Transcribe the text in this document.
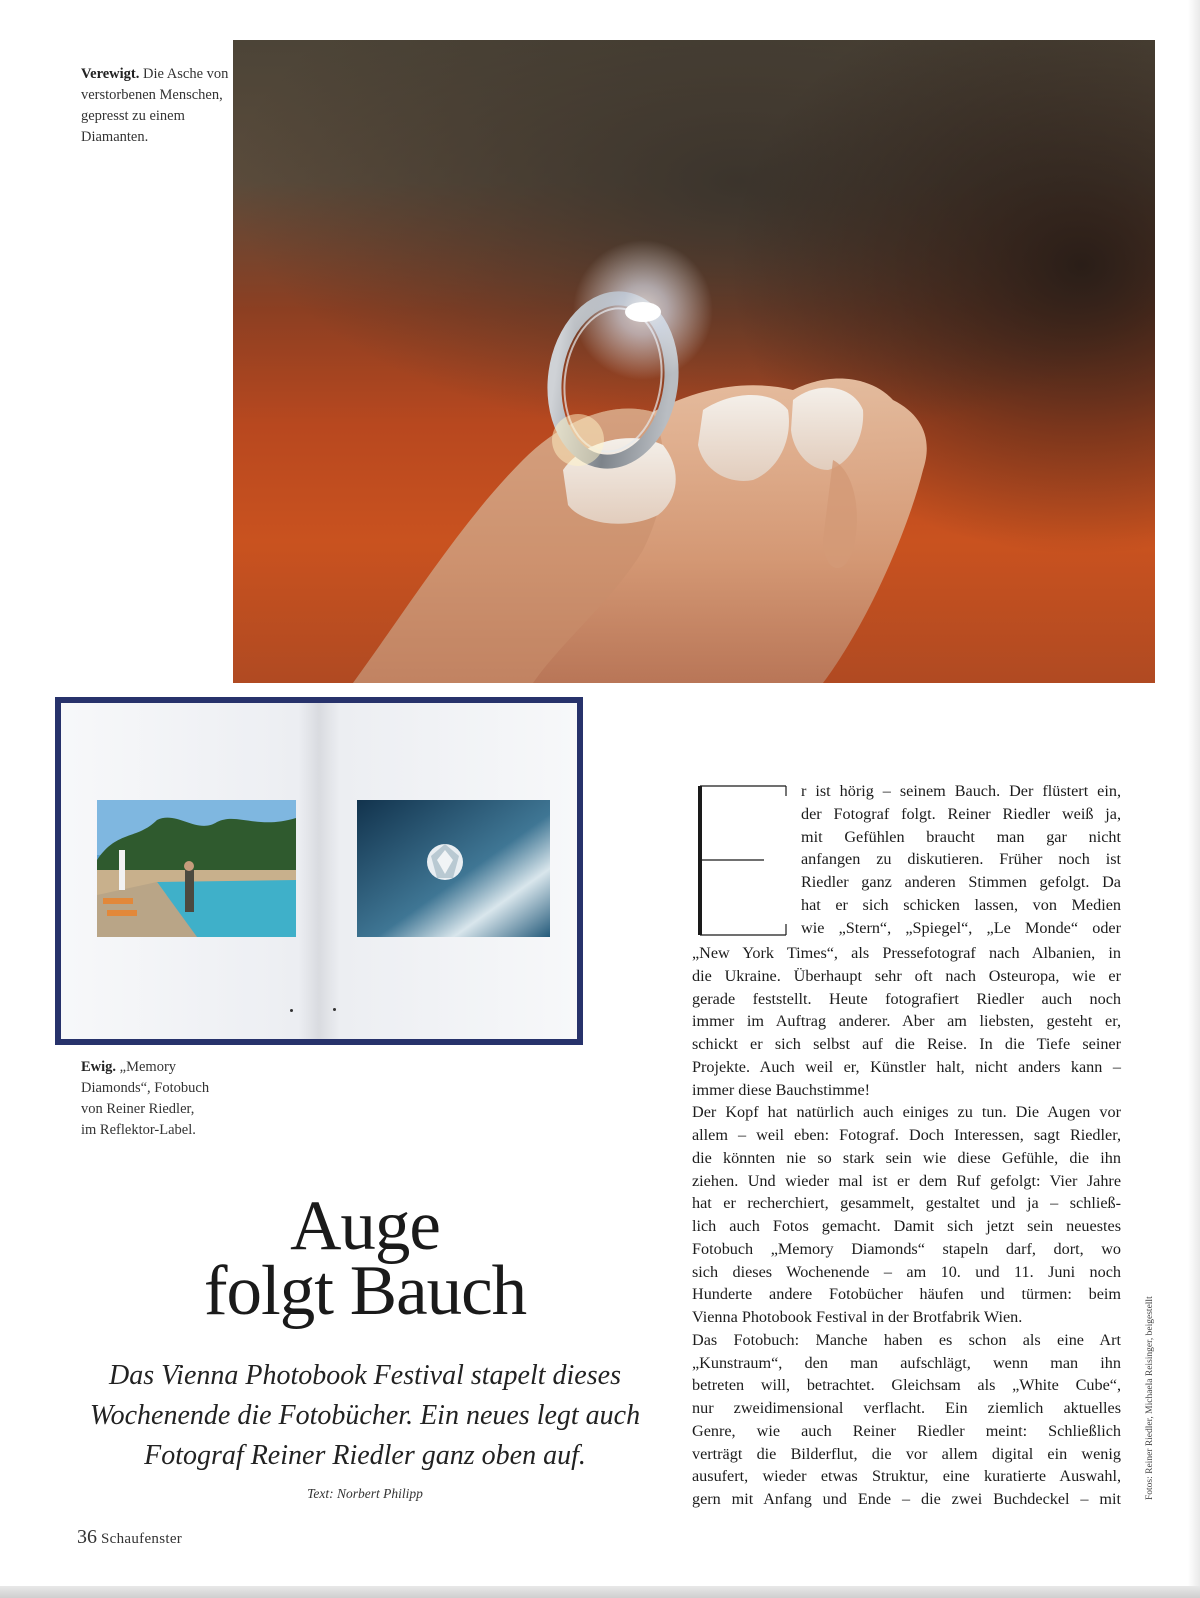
Verewigt. Die Asche von verstorbenen Menschen, gepresst zu einem Diamanten.
Ewig. „Memory Diamonds“, Fotobuch von Reiner Riedler, im Reflektor-Label.
Auge
folgt Bauch
Das Vienna Photobook Festival stapelt dieses Wochenende die Fotobücher. Ein neues legt auch Fotograf Reiner Riedler ganz oben auf.
Text: Norbert Philipp
36 Schaufenster
r ist hörig – seinem Bauch. Der flüstert ein,
der Fotograf folgt. Reiner Riedler weiß ja,
mit Gefühlen braucht man gar nicht
anfangen zu diskutieren. Früher noch ist
Riedler ganz anderen Stimmen gefolgt. Da
hat er sich schicken lassen, von Medien
wie „Stern“, „Spiegel“, „Le Monde“ oder
„New York Times“, als Pressefotograf nach Albanien, in
die Ukraine. Überhaupt sehr oft nach Osteuropa, wie er
gerade feststellt. Heute fotografiert Riedler auch noch
immer im Auftrag anderer. Aber am liebsten, gesteht er,
schickt er sich selbst auf die Reise. In die Tiefe seiner
Projekte. Auch weil er, Künstler halt, nicht anders kann –
immer diese Bauchstimme!
Der Kopf hat natürlich auch einiges zu tun. Die Augen vor
allem – weil eben: Fotograf. Doch Interessen, sagt Riedler,
die könnten nie so stark sein wie diese Gefühle, die ihn
ziehen. Und wieder mal ist er dem Ruf gefolgt: Vier Jahre
hat er recherchiert, gesammelt, gestaltet und ja – schließ-
lich auch Fotos gemacht. Damit sich jetzt sein neuestes
Fotobuch „Memory Diamonds“ stapeln darf, dort, wo
sich dieses Wochenende – am 10. und 11. Juni noch
Hunderte andere Fotobücher häufen und türmen: beim
Vienna Photobook Festival in der Brotfabrik Wien.
Das Fotobuch: Manche haben es schon als eine Art
„Kunstraum“, den man aufschlägt, wenn man ihn
betreten will, betrachtet. Gleichsam als „White Cube“,
nur zweidimensional verflacht. Ein ziemlich aktuelles
Genre, wie auch Reiner Riedler meint: Schließlich
verträgt die Bilderflut, die vor allem digital ein wenig
ausufert, wieder etwas Struktur, eine kuratierte Auswahl,
gern mit Anfang und Ende – die zwei Buchdeckel – mit	Fotos: Reiner Riedler, Michaela Reisinger, beigestellt
